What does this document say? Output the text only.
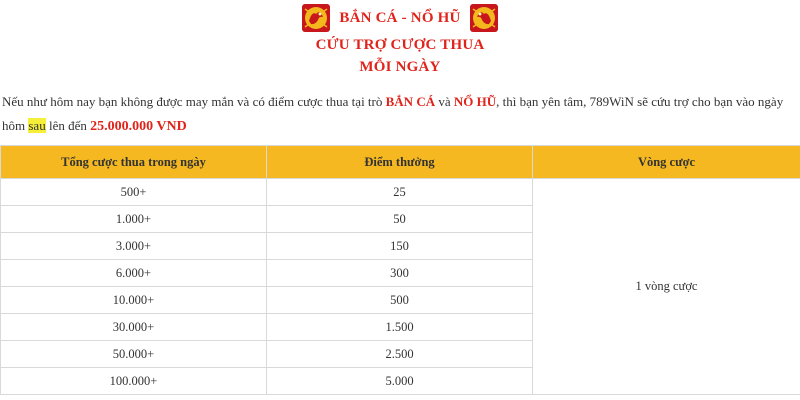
BẮN CÁ - NỔ HŨ
CỨU TRỢ CƯỢC THUA
MỖI NGÀY
Nếu như hôm nay bạn không được may mắn và có điểm cược thua tại trò BẮN CÁ và NỔ HŨ, thì bạn yên tâm, 789WiN sẽ cứu trợ cho bạn vào ngày hôm sau lên đến 25.000.000 VND
Tổng cược thua trong ngày	Điểm thưởng	Vòng cược
500+	25	1 vòng cược
1.000+	50	
3.000+	150	
6.000+	300	
10.000+	500	
30.000+	1.500	
50.000+	2.500	
100.000+	5.000	
